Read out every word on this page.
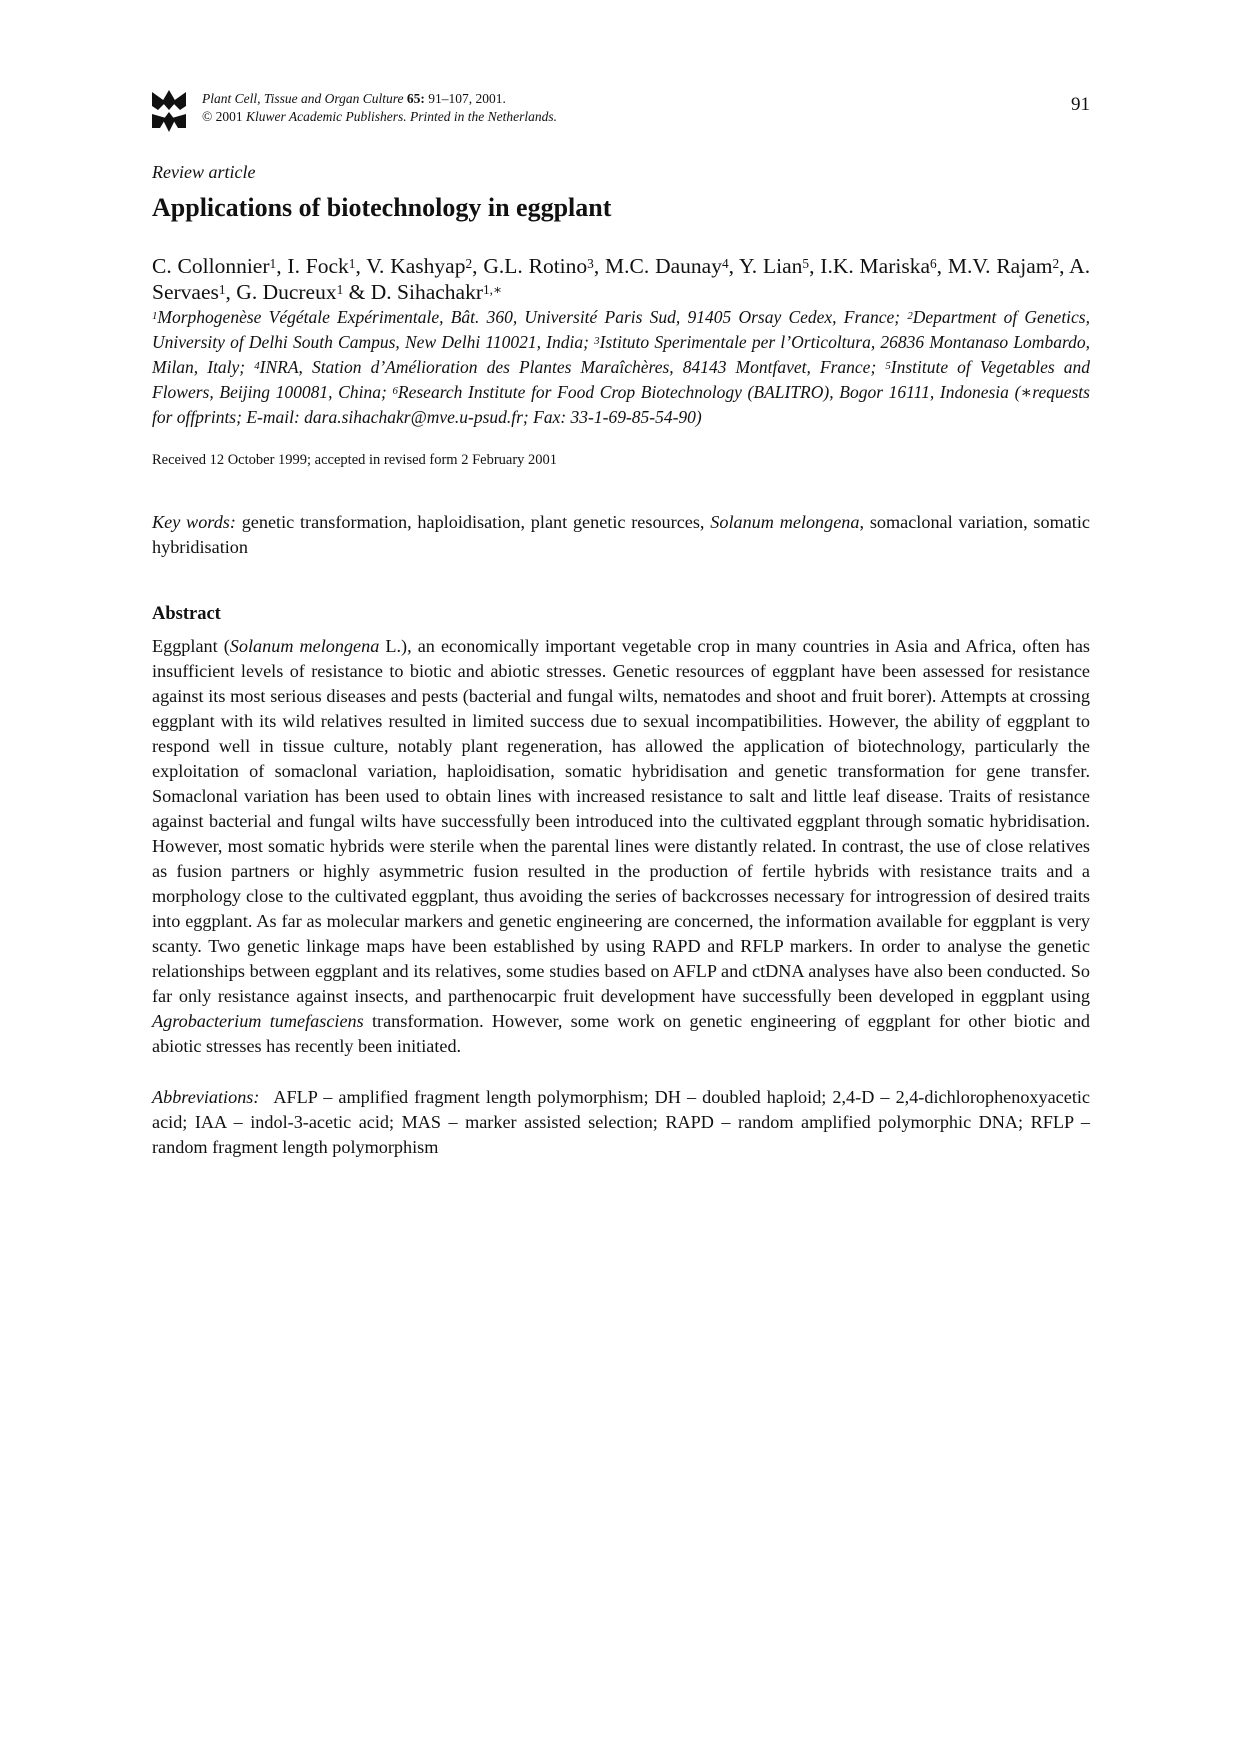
Plant Cell, Tissue and Organ Culture 65: 91–107, 2001.
© 2001 Kluwer Academic Publishers. Printed in the Netherlands.
91
Review article
Applications of biotechnology in eggplant
C. Collonnier$^1$, I. Fock$^1$, V. Kashyap$^2$, G.L. Rotino$^3$, M.C. Daunay$^4$, Y. Lian$^5$, I.K. Mariska$^6$, M.V. Rajam$^2$, A. Servaes$^1$, G. Ducreux$^1$ & D. Sihachakr$^{1,∗}$
$^1$Morphogenèse Végétale Expérimentale, Bât. 360, Université Paris Sud, 91405 Orsay Cedex, France; $^2$Department of Genetics, University of Delhi South Campus, New Delhi 110021, India; $^3$Istituto Sperimentale per l’Orticoltura, 26836 Montanaso Lombardo, Milan, Italy; $^4$INRA, Station d’Amélioration des Plantes Maraîchères, 84143 Montfavet, France; $^5$Institute of Vegetables and Flowers, Beijing 100081, China; $^6$Research Institute for Food Crop Biotechnology (BALITRO), Bogor 16111, Indonesia (∗requests for offprints; E-mail: dara.sihachakr@mve.u-psud.fr; Fax: 33-1-69-85-54-90)
Received 12 October 1999; accepted in revised form 2 February 2001
Key words: genetic transformation, haploidisation, plant genetic resources, Solanum melongena, somaclonal variation, somatic hybridisation
Abstract
Eggplant (Solanum melongena L.), an economically important vegetable crop in many countries in Asia and Africa, often has insufficient levels of resistance to biotic and abiotic stresses. Genetic resources of eggplant have been assessed for resistance against its most serious diseases and pests (bacterial and fungal wilts, nematodes and shoot and fruit borer). Attempts at crossing eggplant with its wild relatives resulted in limited success due to sexual incompatibilities. However, the ability of eggplant to respond well in tissue culture, notably plant regeneration, has allowed the application of biotechnology, particularly the exploitation of somaclonal variation, haploidisation, somatic hybridisation and genetic transformation for gene transfer. Somaclonal variation has been used to obtain lines with increased resistance to salt and little leaf disease. Traits of resistance against bacterial and fungal wilts have successfully been introduced into the cultivated eggplant through somatic hybridisation. However, most somatic hybrids were sterile when the parental lines were distantly related. In contrast, the use of close relatives as fusion partners or highly asymmetric fusion resulted in the production of fertile hybrids with resistance traits and a morphology close to the cultivated eggplant, thus avoiding the series of backcrosses necessary for introgression of desired traits into eggplant. As far as molecular markers and genetic engineering are concerned, the information available for eggplant is very scanty. Two genetic linkage maps have been established by using RAPD and RFLP markers. In order to analyse the genetic relationships between eggplant and its relatives, some studies based on AFLP and ctDNA analyses have also been conducted. So far only resistance against insects, and parthenocarpic fruit development have successfully been developed in eggplant using Agrobacterium tumefasciens transformation. However, some work on genetic engineering of eggplant for other biotic and abiotic stresses has recently been initiated.
Abbreviations: AFLP – amplified fragment length polymorphism; DH – doubled haploid; 2,4-D – 2,4-dichlorophenoxyacetic acid; IAA – indol-3-acetic acid; MAS – marker assisted selection; RAPD – random amplified polymorphic DNA; RFLP – random fragment length polymorphism
